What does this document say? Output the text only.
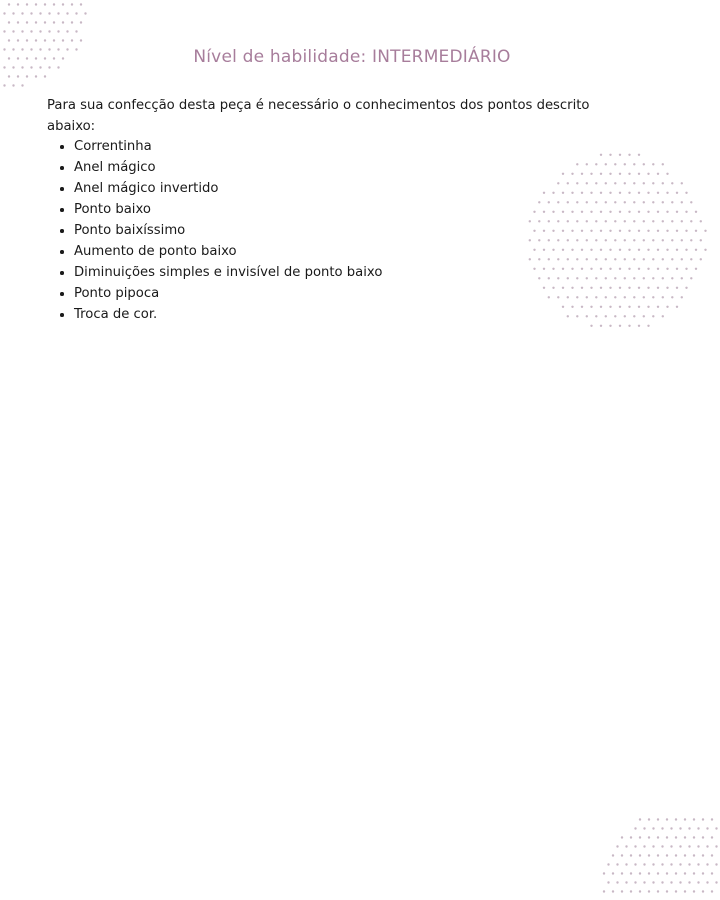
Nível de habilidade: INTERMEDIÁRIO

Para sua confecção desta peça é necessário o conhecimentos dos pontos descrito abaixo:

Correntinha
Anel mágico
Anel mágico invertido
Ponto baixo
Ponto baixíssimo
Aumento de ponto baixo
Diminuições simples e invisível de ponto baixo
Ponto pipoca
Troca de cor.
